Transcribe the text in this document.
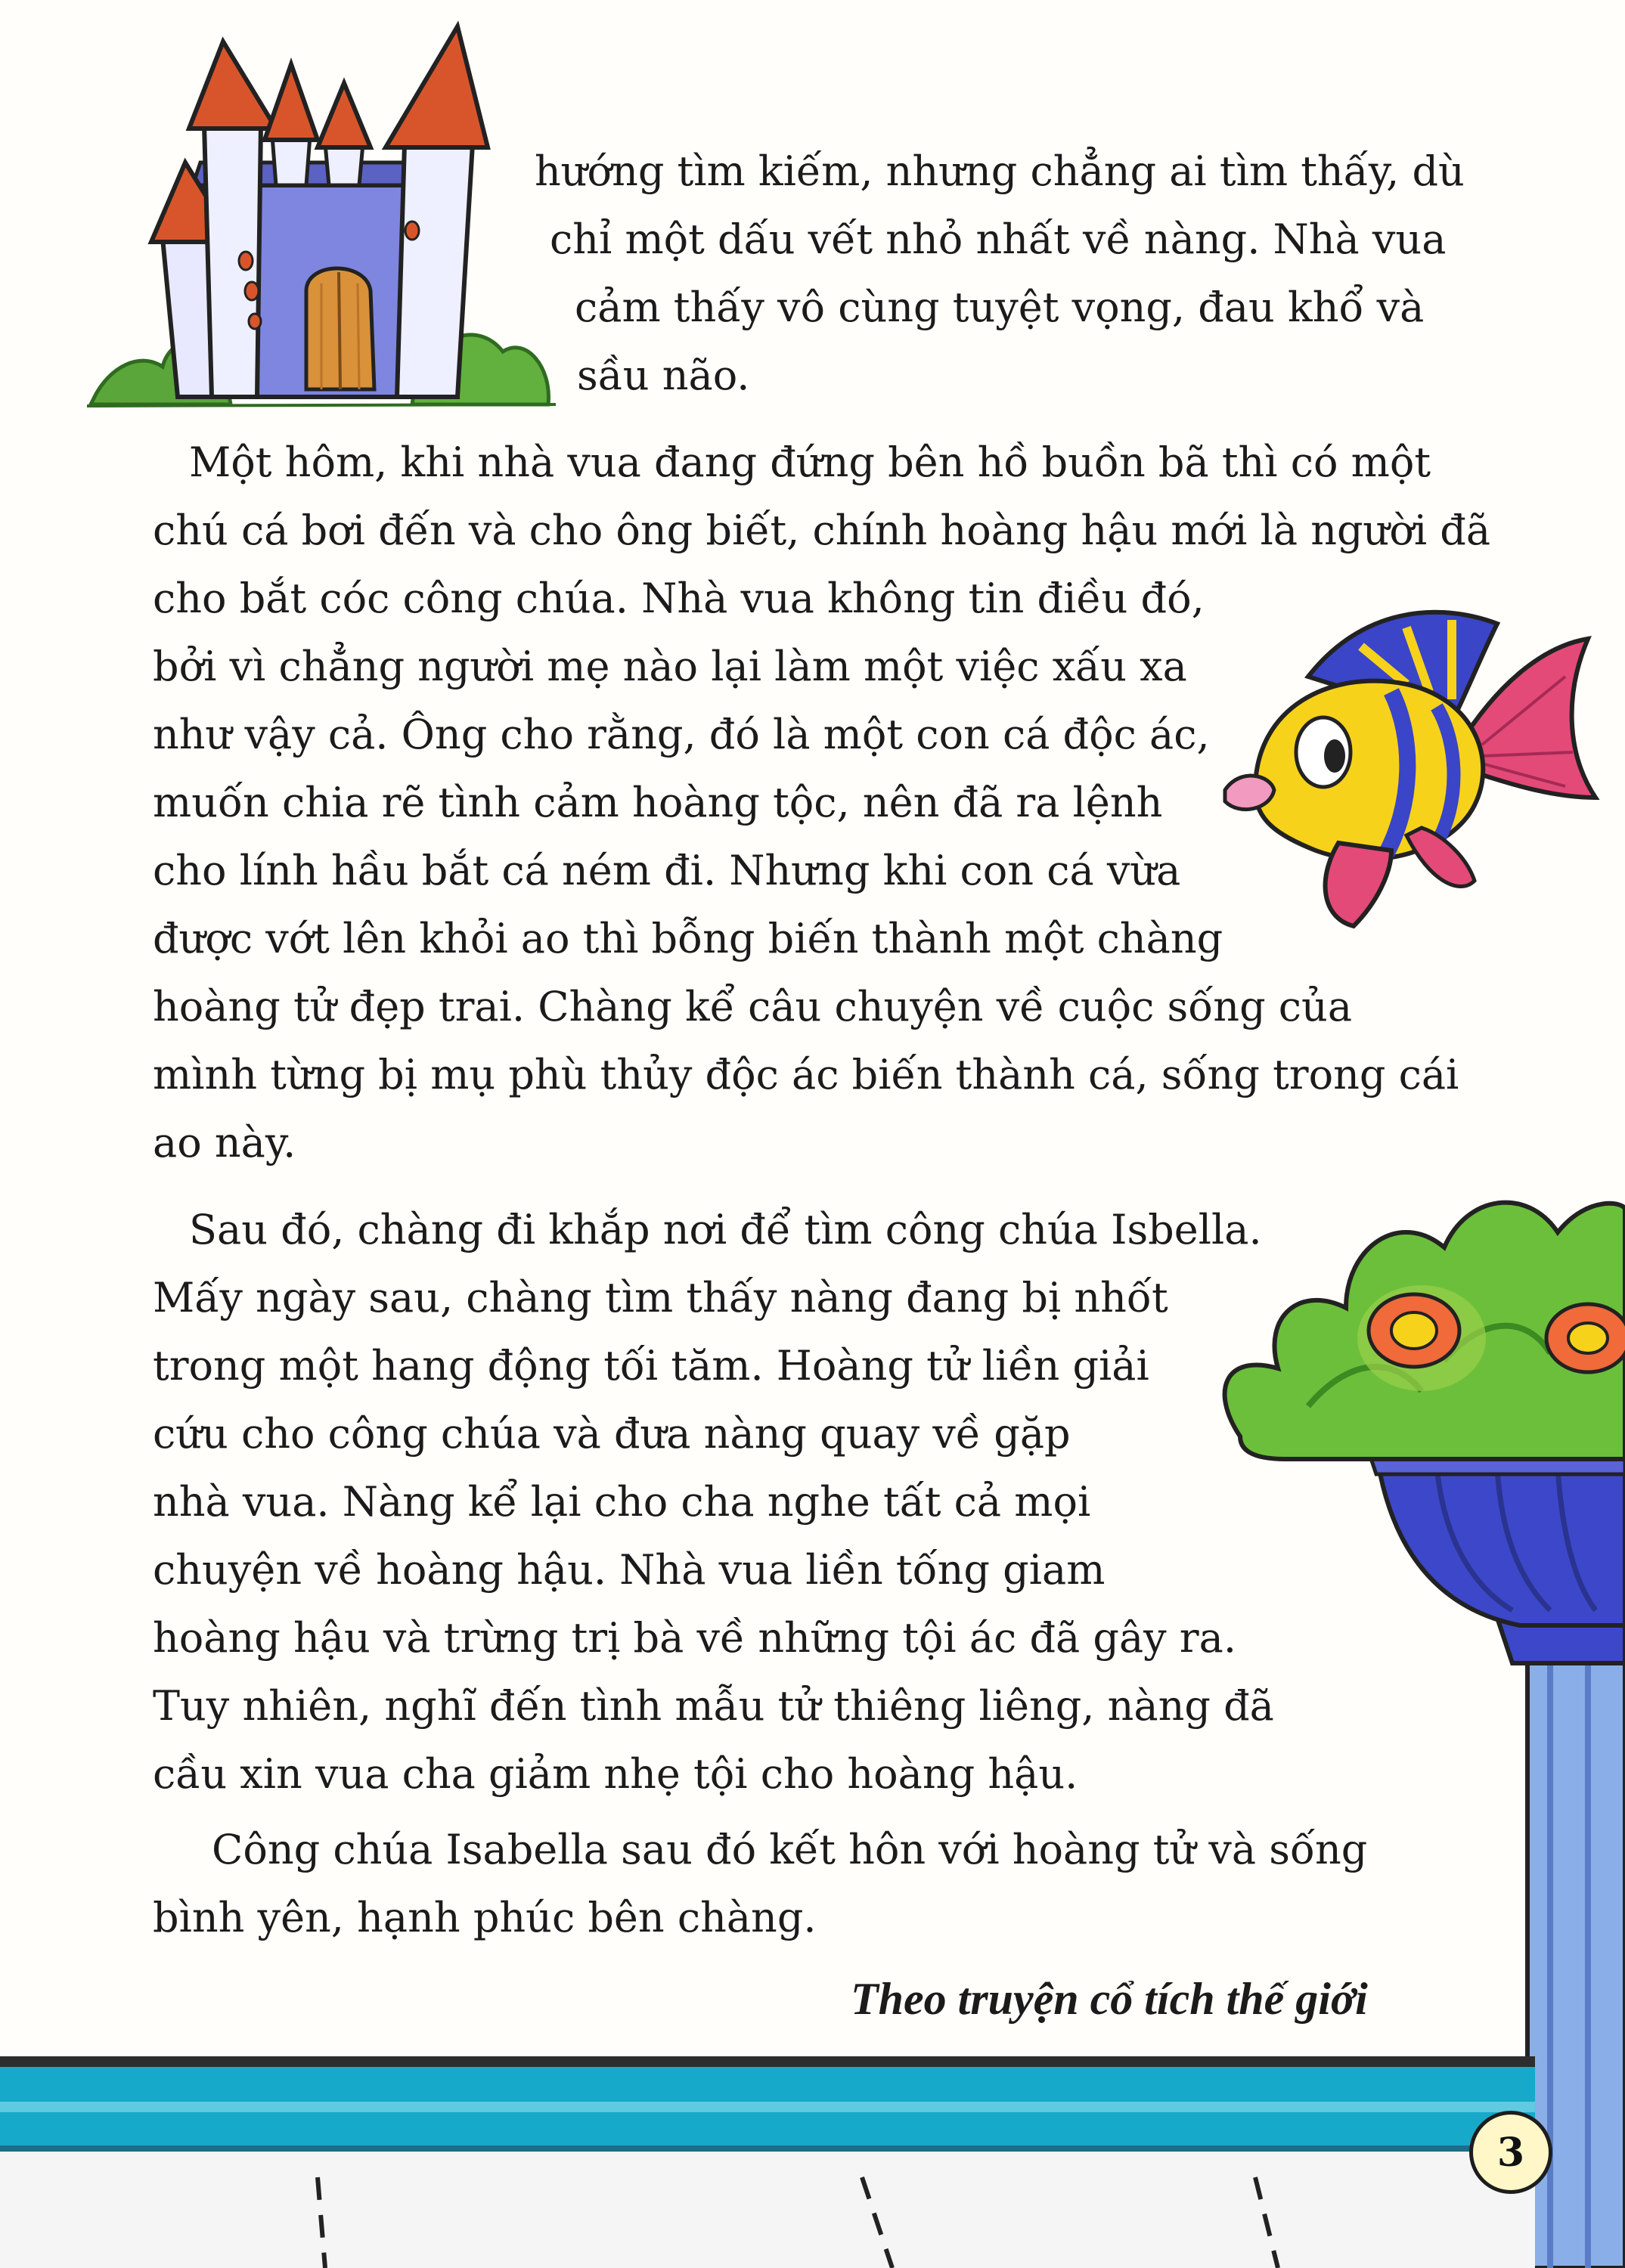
hướng tìm kiếm, nhưng chẳng ai tìm thấy, dù
chỉ một dấu vết nhỏ nhất về nàng. Nhà vua
cảm thấy vô cùng tuyệt vọng, đau khổ và
sầu não.
Một hôm, khi nhà vua đang đứng bên hồ buồn bã thì có một
chú cá bơi đến và cho ông biết, chính hoàng hậu mới là người đã
cho bắt cóc công chúa. Nhà vua không tin điều đó,
bởi vì chẳng người mẹ nào lại làm một việc xấu xa
như vậy cả. Ông cho rằng, đó là một con cá độc ác,
muốn chia rẽ tình cảm hoàng tộc, nên đã ra lệnh
cho lính hầu bắt cá ném đi. Nhưng khi con cá vừa
được vớt lên khỏi ao thì bỗng biến thành một chàng
hoàng tử đẹp trai. Chàng kể câu chuyện về cuộc sống của
mình từng bị mụ phù thủy độc ác biến thành cá, sống trong cái
ao này.
Sau đó, chàng đi khắp nơi để tìm công chúa Isbella.
Mấy ngày sau, chàng tìm thấy nàng đang bị nhốt
trong một hang động tối tăm. Hoàng tử liền giải
cứu cho công chúa và đưa nàng quay về gặp
nhà vua. Nàng kể lại cho cha nghe tất cả mọi
chuyện về hoàng hậu. Nhà vua liền tống giam
hoàng hậu và trừng trị bà về những tội ác đã gây ra.
Tuy nhiên, nghĩ đến tình mẫu tử thiêng liêng, nàng đã
cầu xin vua cha giảm nhẹ tội cho hoàng hậu.
Công chúa Isabella sau đó kết hôn với hoàng tử và sống
bình yên, hạnh phúc bên chàng.
Theo truyện cổ tích thế giới
3
